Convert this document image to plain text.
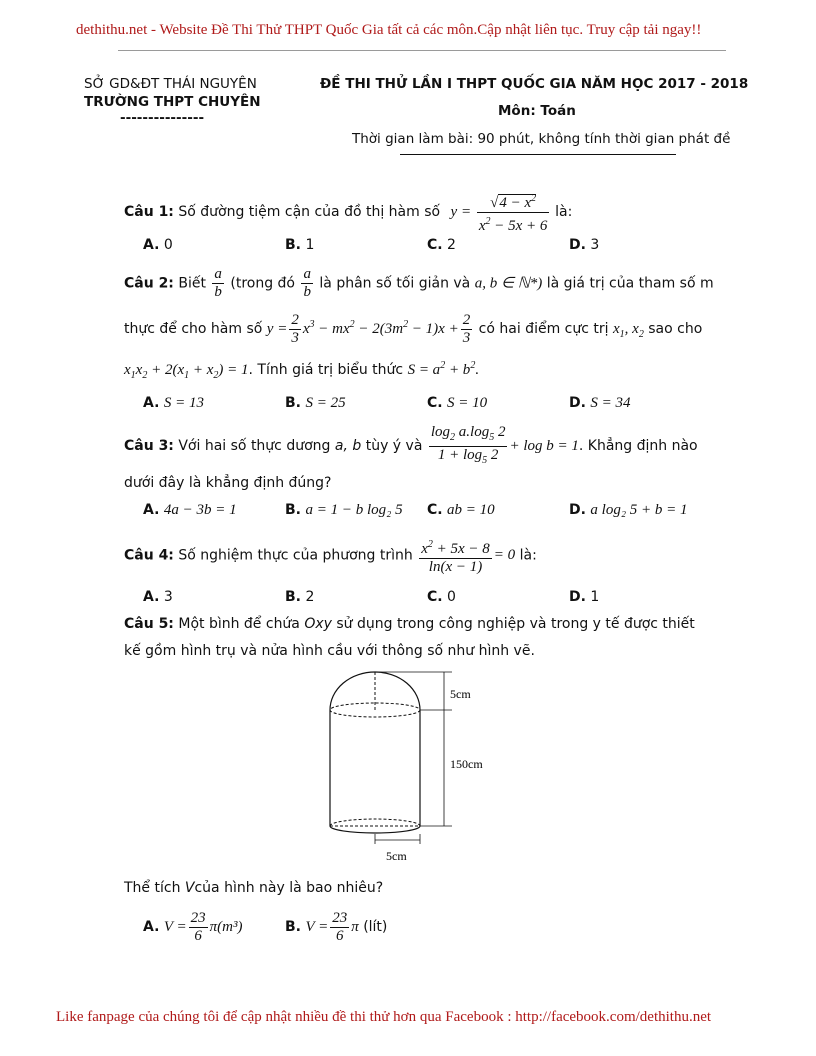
dethithu.net - Website Đề Thi Thử THPT Quốc Gia tất cả các môn.Cập nhật liên tục. Truy cập tải ngay!!
SỞ GD&ĐT THÁI NGUYÊN
TRƯỜNG THPT CHUYÊN
---------------
ĐỀ THI THỬ LẦN I THPT QUỐC GIA NĂM HỌC 2017 - 2018
Môn: Toán
Thời gian làm bài: 90 phút, không tính thời gian phát đề
Câu 1: Số đường tiệm cận của đồ thị hàm số $y = \frac{√4 - x^2}{x^2 - 5x + 6}$ là:
A. 0	B. 1	C. 2	D. 3
Câu 2: Biết $\frac{a}{b}$ (trong đó $\frac{a}{b}$ là phân số tối giản và a, b ∈ ℕ*) là giá trị của tham số m
thực để cho hàm số $y = \frac{2}{3} x^3 - mx^2 - 2(3m^2 - 1)x + \frac{2}{3}$ có hai điểm cực trị $x_1$, $x_2$ sao cho
$x_1x_2 + 2(x_1 + x_2) = 1$. Tính giá trị biểu thức $S = a^2 + b^2$.
A. S = 13	B. S = 25	C. S = 10	D. S = 34
Câu 3: Với hai số thực dương a, b tùy ý và $\frac{\log_2 a.\log_5 2}{1 + \log_5 2} + \log b = 1$. Khẳng định nào
dưới đây là khẳng định đúng?
A. 4a − 3b = 1	B. a = 1 − b log₂ 5 C. ab = 10	D. a log₂ 5 + b = 1
Câu 4: Số nghiệm thực của phương trình $\frac{x^2 + 5x - 8}{\ln(x - 1)} = 0$ là:
A. 3	B. 2	C. 0	D. 1
Câu 5: Một bình để chứa Oxy sử dụng trong công nghiệp và trong y tế được thiết
kế gồm hình trụ và nửa hình cầu với thông số như hình vẽ.
5cm
150cm
5cm
Thể tích Vcủa hình này là bao nhiêu?
A. $V = \frac{23}{6} \pi(m^3)$	B. $V = \frac{23}{6}$ π (lít)
Like fanpage của chúng tôi để cập nhật nhiều đề thi thử hơn qua Facebook : http://facebook.com/dethithu.net
